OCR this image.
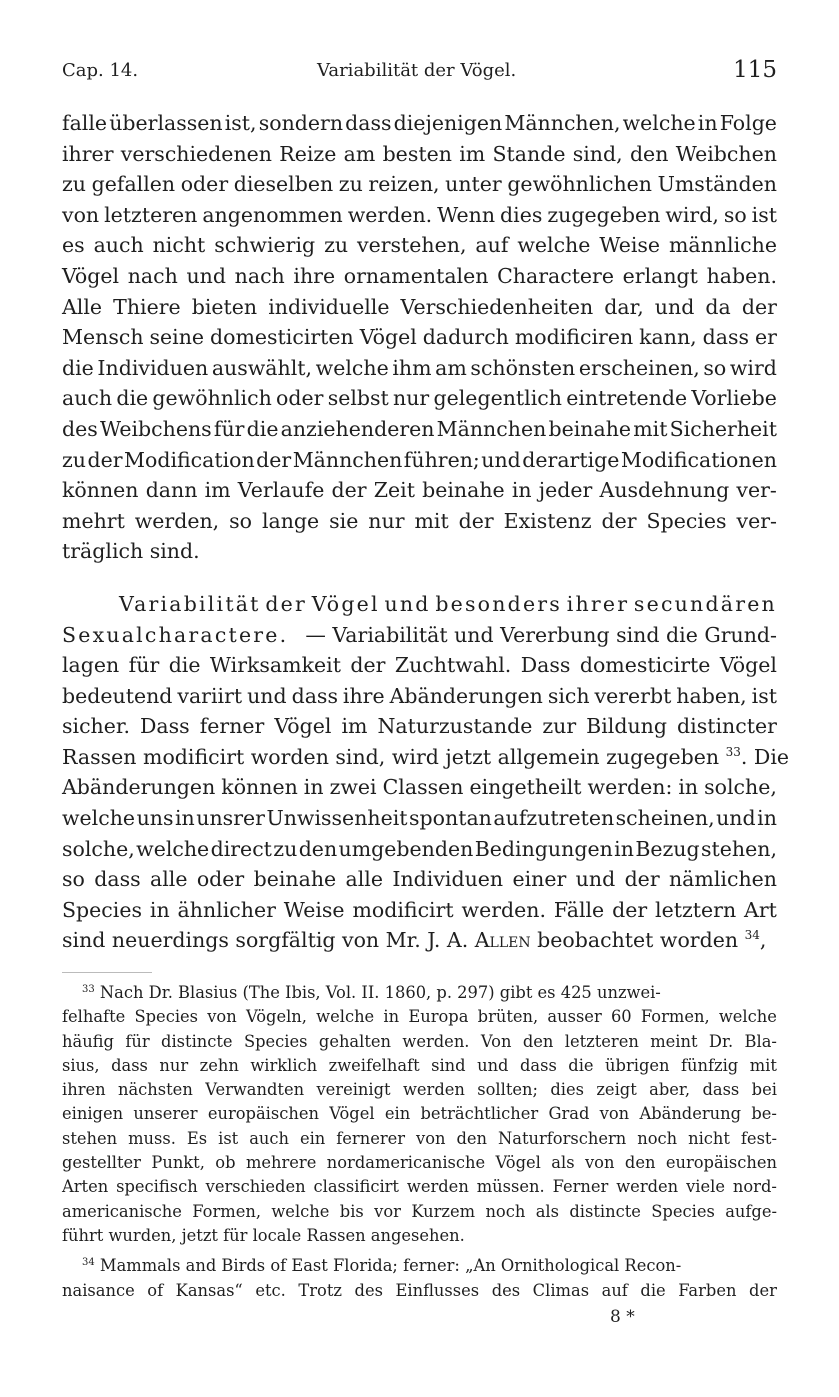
Cap. 14.	Variabilität der Vögel.	115
falle überlassen ist, sondern dass diejenigen Männchen, welche in Folge
ihrer verschiedenen Reize am besten im Stande sind, den Weibchen
zu gefallen oder dieselben zu reizen, unter gewöhnlichen Umständen
von letzteren angenommen werden. Wenn dies zugegeben wird, so ist
es auch nicht schwierig zu verstehen, auf welche Weise männliche
Vögel nach und nach ihre ornamentalen Charactere erlangt haben.
Alle Thiere bieten individuelle Verschiedenheiten dar, und da der
Mensch seine domesticirten Vögel dadurch modificiren kann, dass er
die Individuen auswählt, welche ihm am schönsten erscheinen, so wird
auch die gewöhnlich oder selbst nur gelegentlich eintretende Vorliebe
des Weibchens für die anziehenderen Männchen beinahe mit Sicherheit
zu der Modification der Männchen führen; und derartige Modificationen
können dann im Verlaufe der Zeit beinahe in jeder Ausdehnung ver-
mehrt werden, so lange sie nur mit der Existenz der Species ver-
träglich sind.
Variabilität der Vögel und besonders ihrer secundären
Sexualcharactere.
— Variabilität und Vererbung sind die Grund-
lagen für die Wirksamkeit der Zuchtwahl. Dass domesticirte Vögel
bedeutend variirt und dass ihre Abänderungen sich vererbt haben, ist
sicher. Dass ferner Vögel im Naturzustande zur Bildung distincter
Rassen modificirt worden sind, wird jetzt allgemein zugegeben $^{33}$. Die
Abänderungen können in zwei Classen eingetheilt werden: in solche,
welche uns in unsrer Unwissenheit spontan aufzutreten scheinen, und in
solche, welche direct zu den umgebenden Bedingungen in Bezug stehen,
so dass alle oder beinahe alle Individuen einer und der nämlichen
Species in ähnlicher Weise modificirt werden. Fälle der letztern Art
sind neuerdings sorgfältig von Mr. J. A. Allen beobachtet worden $^{34}$,
$^{33}$ Nach Dr. Blasius (The Ibis, Vol. II. 1860, p. 297) gibt es 425 unzwei-
felhafte Species von Vögeln, welche in Europa brüten, ausser 60 Formen, welche
häufig für distincte Species gehalten werden. Von den letzteren meint Dr. Bla-
sius, dass nur zehn wirklich zweifelhaft sind und dass die übrigen fünfzig mit
ihren nächsten Verwandten vereinigt werden sollten; dies zeigt aber, dass bei
einigen unserer europäischen Vögel ein beträchtlicher Grad von Abänderung be-
stehen muss. Es ist auch ein fernerer von den Naturforschern noch nicht fest-
gestellter Punkt, ob mehrere nordamericanische Vögel als von den europäischen
Arten specifisch verschieden classificirt werden müssen. Ferner werden viele nord-
americanische Formen, welche bis vor Kurzem noch als distincte Species aufge-
führt wurden, jetzt für locale Rassen angesehen.
$^{34}$ Mammals and Birds of East Florida; ferner: „An Ornithological Recon-
naisance of Kansas“ etc. Trotz des Einflusses des Climas auf die Farben der
8 *
